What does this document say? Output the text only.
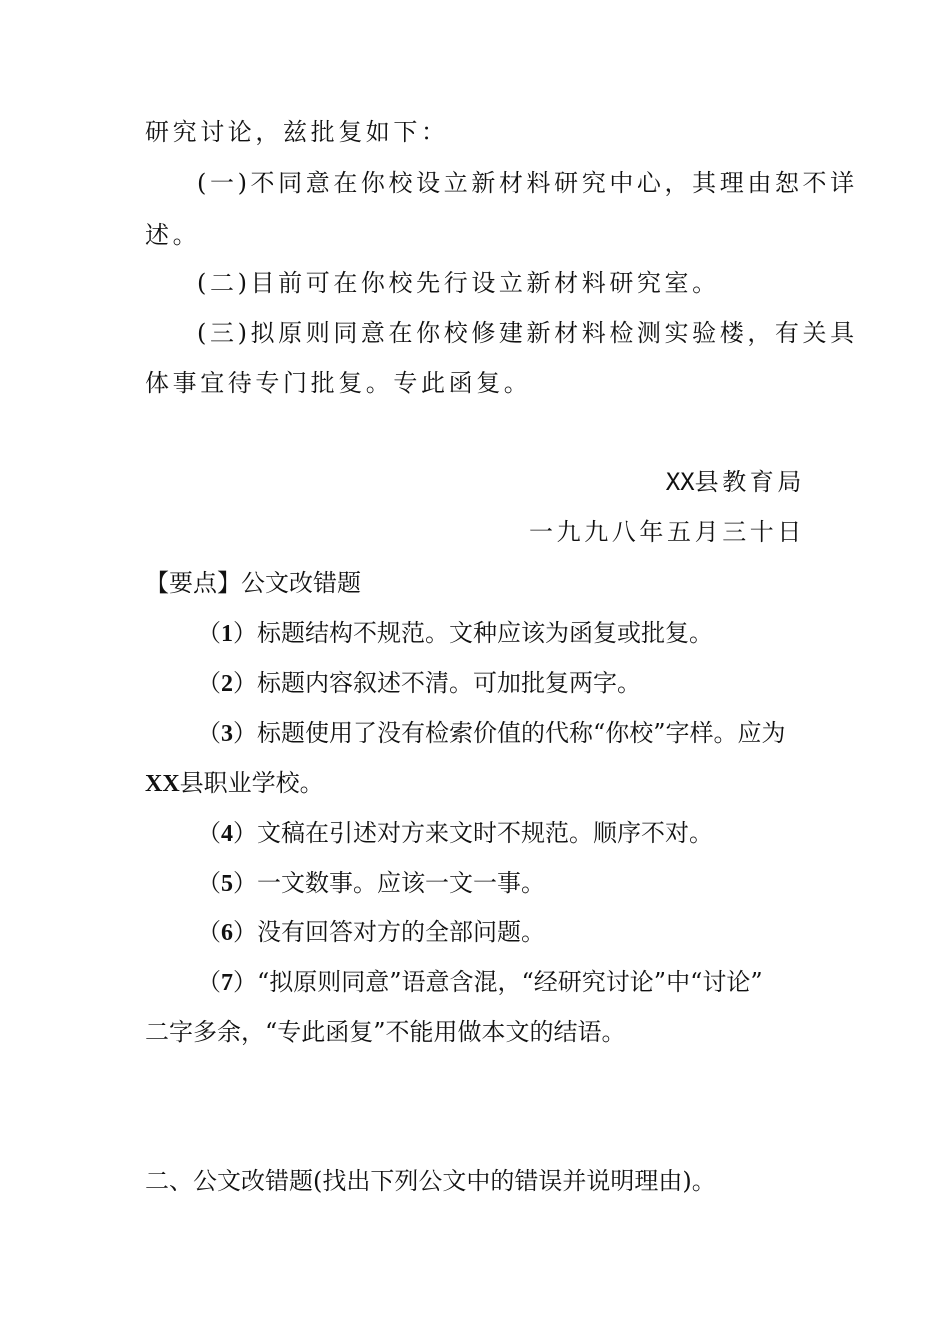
研究讨论，兹批复如下：
(一)不同意在你校设立新材料研究中心，其理由恕不详
述。
(二)目前可在你校先行设立新材料研究室。
(三)拟原则同意在你校修建新材料检测实验楼，有关具
体事宜待专门批复。专此函复。
XX县教育局
一九九八年五月三十日
【要点】公文改错题
（1）标题结构不规范。文种应该为函复或批复。
（2）标题内容叙述不清。可加批复两字。
（3）标题使用了没有检索价值的代称“你校”字样。应为
XX县职业学校。
（4）文稿在引述对方来文时不规范。顺序不对。
（5）一文数事。应该一文一事。
（6）没有回答对方的全部问题。
（7）“拟原则同意”语意含混，“经研究讨论”中“讨论”
二字多余，“专此函复”不能用做本文的结语。
二、公文改错题(找出下列公文中的错误并说明理由)。
